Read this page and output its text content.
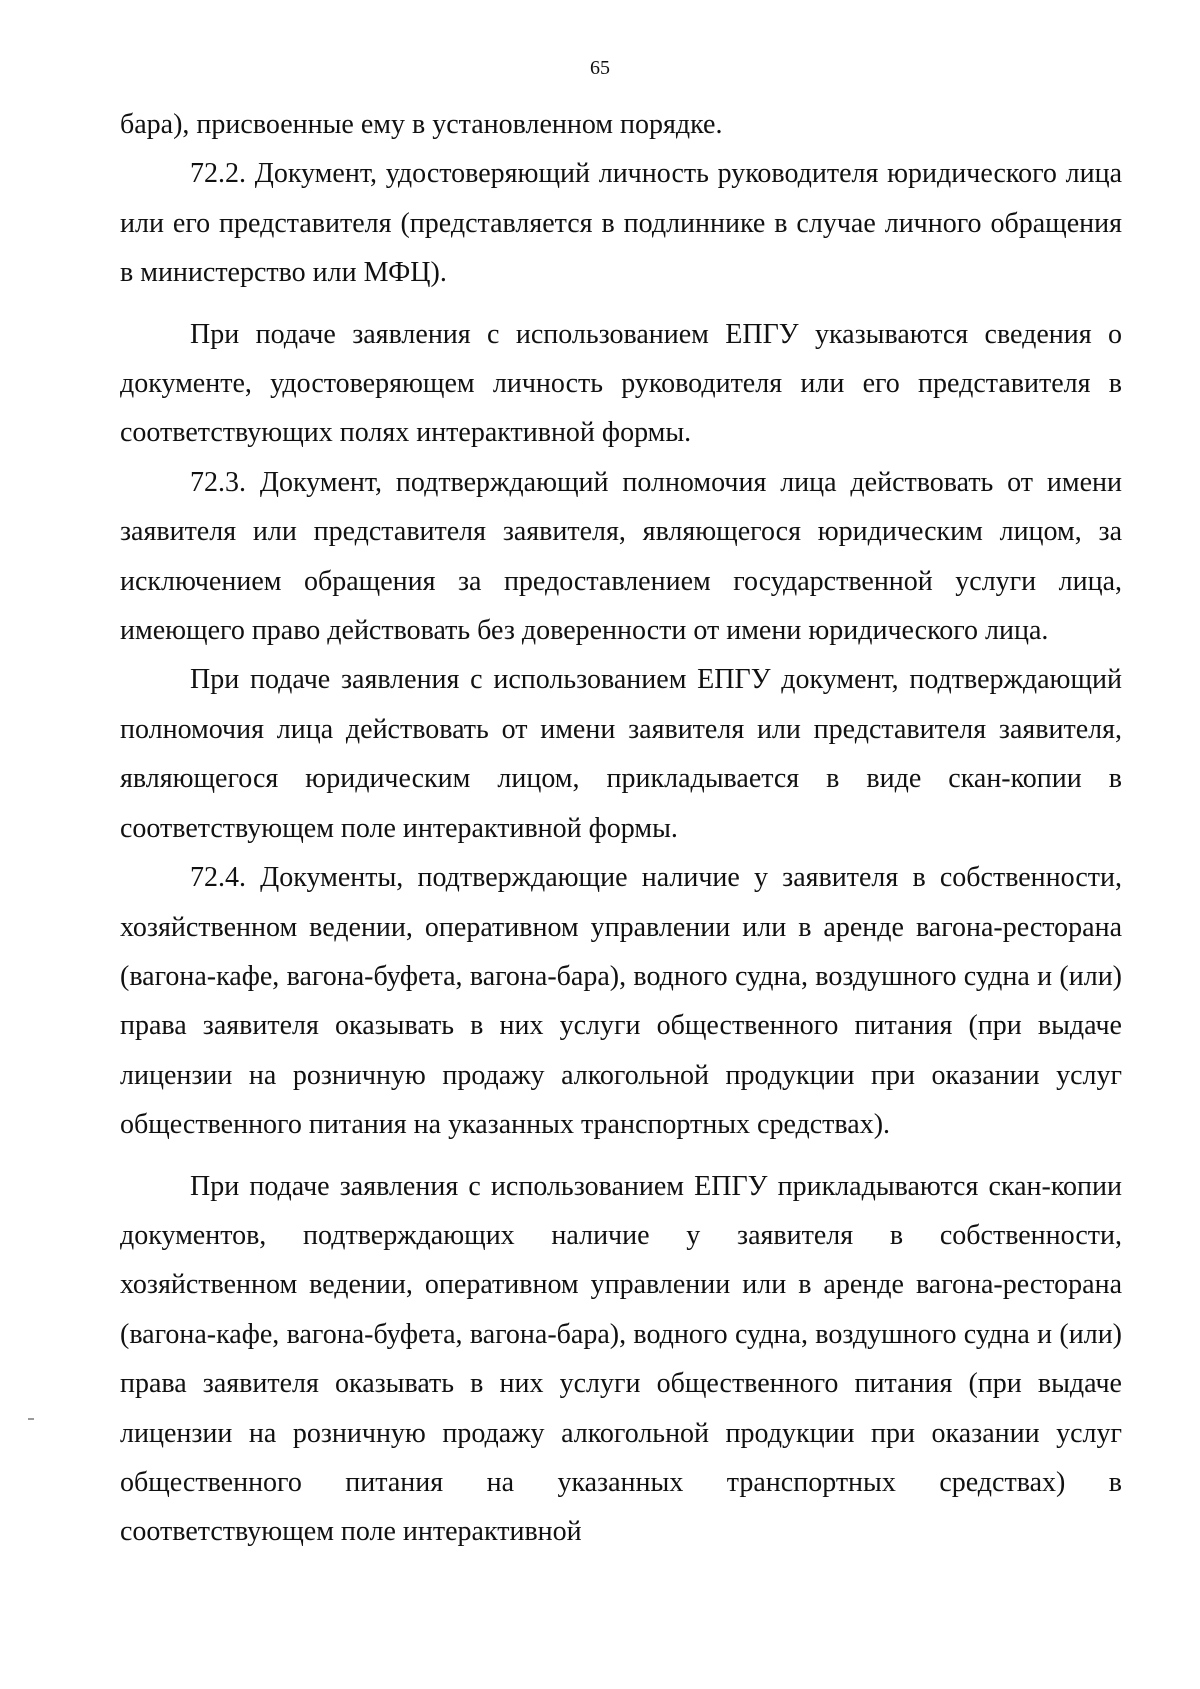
65

бара), присвоенные ему в установленном порядке.

72.2. Документ, удостоверяющий личность руководителя юридического лица или его представителя (представляется в подлиннике в случае личного обращения в министерство или МФЦ).

При подаче заявления с использованием ЕПГУ указываются сведения о документе, удостоверяющем личность руководителя или его представителя в соответствующих полях интерактивной формы.

72.3. Документ, подтверждающий полномочия лица действовать от имени заявителя или представителя заявителя, являющегося юридическим лицом, за исключением обращения за предоставлением государственной услуги лица, имеющего право действовать без доверенности от имени юридического лица.

При подаче заявления с использованием ЕПГУ документ, подтверждающий полномочия лица действовать от имени заявителя или представителя заявителя, являющегося юридическим лицом, прикладывается в виде скан-копии в соответствующем поле интерактивной формы.

72.4. Документы, подтверждающие наличие у заявителя в собственности, хозяйственном ведении, оперативном управлении или в аренде вагона-ресторана (вагона-кафе, вагона-буфета, вагона-бара), водного судна, воздушного судна и (или) права заявителя оказывать в них услуги общественного питания (при выдаче лицензии на розничную продажу алкогольной продукции при оказании услуг общественного питания на указанных транспортных средствах).

При подаче заявления с использованием ЕПГУ прикладываются скан-копии документов, подтверждающих наличие у заявителя в собственности, хозяйственном ведении, оперативном управлении или в аренде вагона-ресторана (вагона-кафе, вагона-буфета, вагона-бара), водного судна, воздушного судна и (или) права заявителя оказывать в них услуги общественного питания (при выдаче лицензии на розничную продажу алкогольной продукции при оказании услуг общественного питания на указанных транспортных средствах) в соответствующем поле интерактивной
